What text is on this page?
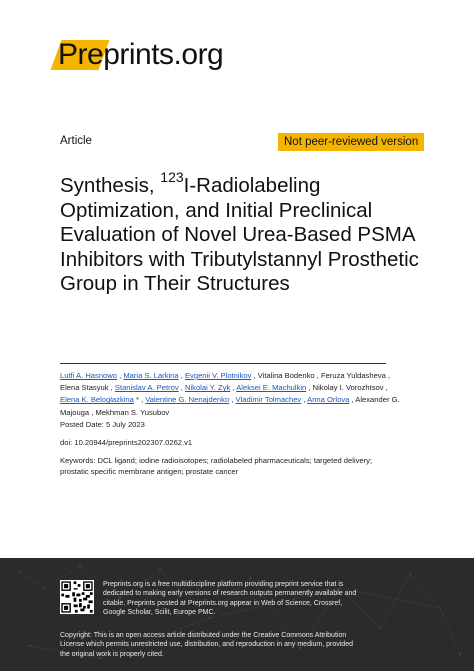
Preprints.org
Article	Not peer-reviewed version
Synthesis, $^{123}$I-Radiolabeling Optimization, and Initial Preclinical Evaluation of Novel Urea-Based PSMA Inhibitors with Tributylstannyl Prosthetic Group in Their Structures
Lutfi A. Hasnowo , Maria S. Larkina , Evgenii V. Plotnikov , Vitalina Bodenko , Feruza Yuldasheva , Elena Stasyuk , Stanislav A. Petrov , Nikolai Y. Zyk , Aleksei E. Machulkin , Nikolay I. Vorozhtsov , Elena K. Beloglazkina * , Valentine G. Nenajdenko , Vladimir Tolmachev , Anna Orlova , Alexander G. Majouga , Mekhman S. Yusubov
Posted Date: 5 July 2023
doi: 10.20944/preprints202307.0262.v1
Keywords: DCL ligand; iodine radioisotopes; radiolabeled pharmaceuticals; targeted delivery; prostatic specific membrane antigen; prostate cancer
Preprints.org is a free multidiscipline platform providing preprint service that is dedicated to making early versions of research outputs permanently available and citable. Preprints posted at Preprints.org appear in Web of Science, Crossref, Google Scholar, Scilit, Europe PMC.
Copyright: This is an open access article distributed under the Creative Commons Attribution License which permits unrestricted use, distribution, and reproduction in any medium, provided the original work is properly cited.
